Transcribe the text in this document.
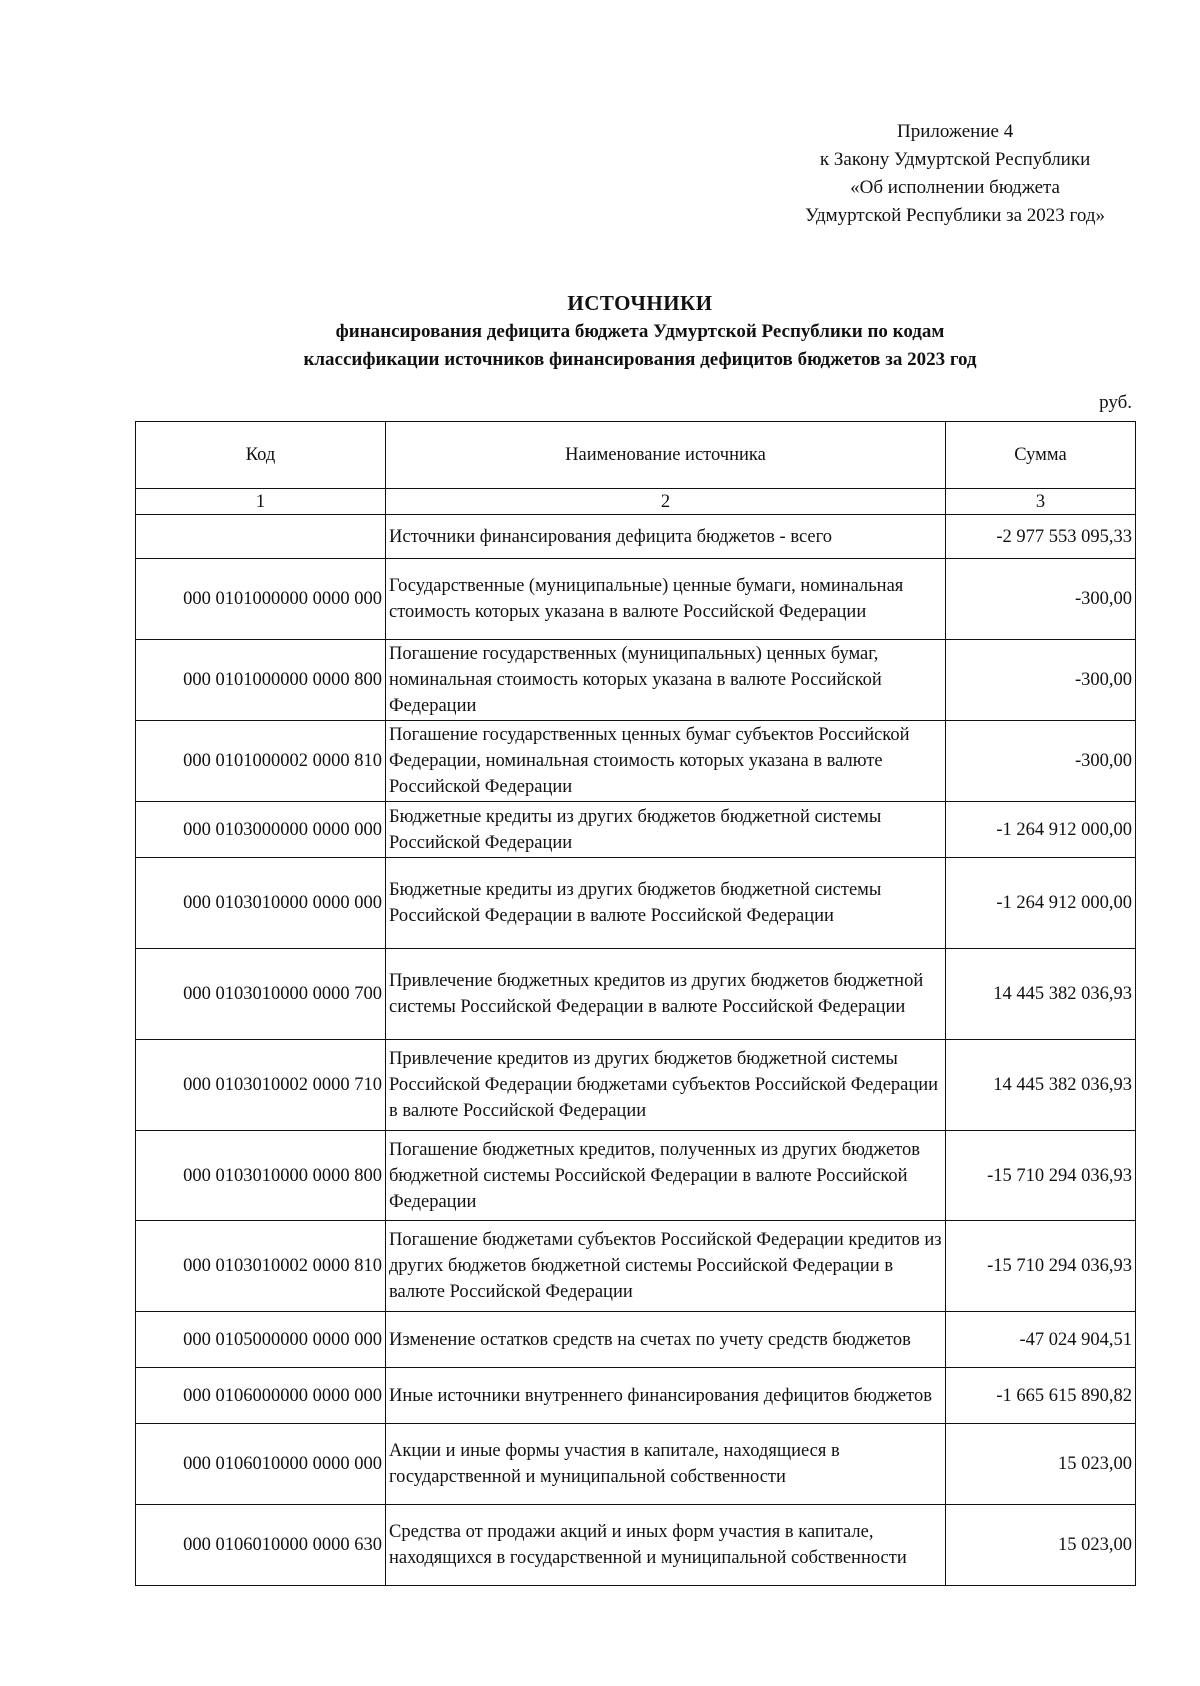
Приложение 4
к Закону Удмуртской Республики
«Об исполнении бюджета
Удмуртской Республики за 2023 год»
ИСТОЧНИКИ
финансирования дефицита бюджета Удмуртской Республики по кодам
классификации источников финансирования дефицитов бюджетов за 2023 год
руб.
Код	Наименование источника	Сумма
1	2	3
	Источники финансирования дефицита бюджетов - всего	-2 977 553 095,33
000 0101000000 0000 000	Государственные (муниципальные) ценные бумаги, номинальная стоимость которых указана в валюте Российской Федерации	-300,00
000 0101000000 0000 800	Погашение государственных (муниципальных) ценных бумаг, номинальная стоимость которых указана в валюте Российской Федерации	-300,00
000 0101000002 0000 810	Погашение государственных ценных бумаг субъектов Российской Федерации, номинальная стоимость которых указана в валюте Российской Федерации	-300,00
000 0103000000 0000 000	Бюджетные кредиты из других бюджетов бюджетной системы Российской Федерации	-1 264 912 000,00
000 0103010000 0000 000	Бюджетные кредиты из других бюджетов бюджетной системы Российской Федерации в валюте Российской Федерации	-1 264 912 000,00
000 0103010000 0000 700	Привлечение бюджетных кредитов из других бюджетов бюджетной системы Российской Федерации в валюте Российской Федерации	14 445 382 036,93
000 0103010002 0000 710	Привлечение кредитов из других бюджетов бюджетной системы Российской Федерации бюджетами субъектов Российской Федерации в валюте Российской Федерации	14 445 382 036,93
000 0103010000 0000 800	Погашение бюджетных кредитов, полученных из других бюджетов бюджетной системы Российской Федерации в валюте Российской Федерации	-15 710 294 036,93
000 0103010002 0000 810	Погашение бюджетами субъектов Российской Федерации кредитов из других бюджетов бюджетной системы Российской Федерации в валюте Российской Федерации	-15 710 294 036,93
000 0105000000 0000 000	Изменение остатков средств на счетах по учету средств бюджетов	-47 024 904,51
000 0106000000 0000 000	Иные источники внутреннего финансирования дефицитов бюджетов	-1 665 615 890,82
000 0106010000 0000 000	Акции и иные формы участия в капитале, находящиеся в государственной и муниципальной собственности	15 023,00
000 0106010000 0000 630	Средства от продажи акций и иных форм участия в капитале, находящихся в государственной и муниципальной собственности	15 023,00
